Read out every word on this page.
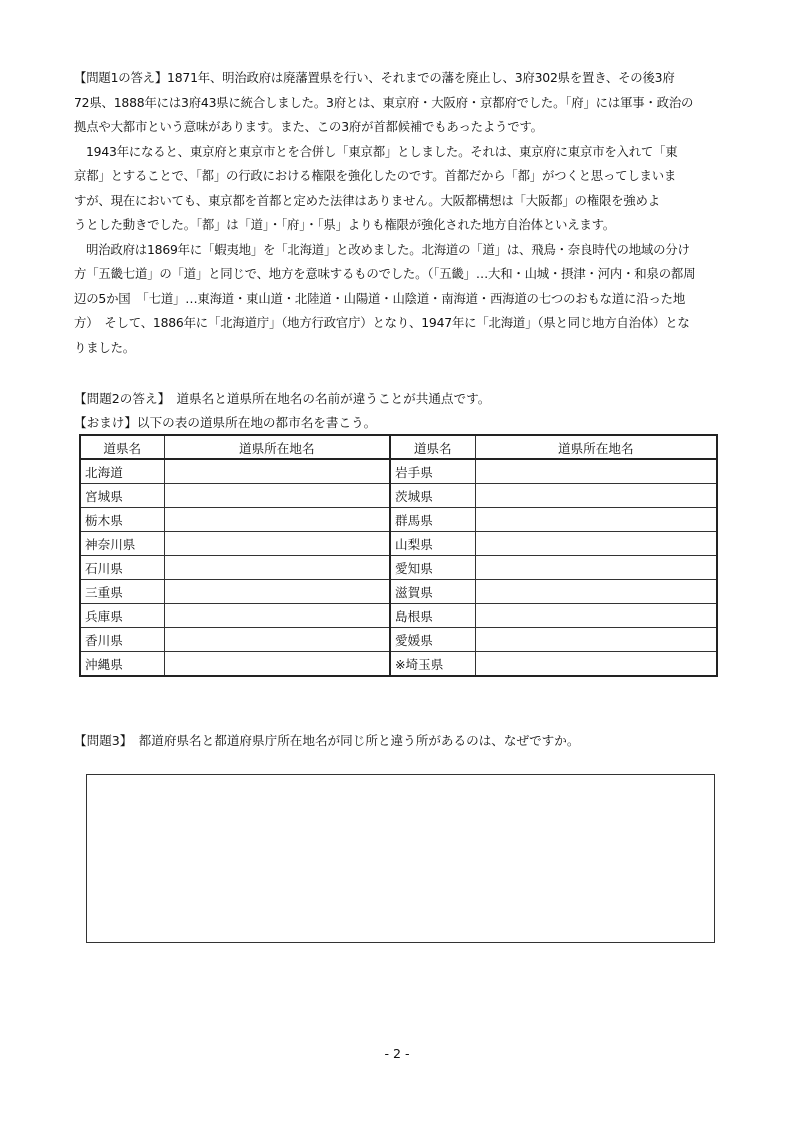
【問題1の答え】1871年、明治政府は廃藩置県を行い、それまでの藩を廃止し、3府302県を置き、その後3府
72県、1888年には3府43県に統合しました。3府とは、東京府・大阪府・京都府でした。「府」には軍事・政治の
拠点や大都市という意味があります。また、この3府が首都候補でもあったようです。
1943年になると、東京府と東京市とを合併し「東京都」としました。それは、東京府に東京市を入れて「東
京都」とすることで、「都」の行政における権限を強化したのです。首都だから「都」がつくと思ってしまいま
すが、現在においても、東京都を首都と定めた法律はありません。大阪都構想は「大阪都」の権限を強めよ
うとした動きでした。「都」は「道」・「府」・「県」よりも権限が強化された地方自治体といえます。
明治政府は1869年に「蝦夷地」を「北海道」と改めました。北海道の「道」は、飛鳥・奈良時代の地域の分け
方「五畿七道」の「道」と同じで、地方を意味するものでした。（「五畿」…大和・山城・摂津・河内・和泉の都周
辺の5か国　「七道」…東海道・東山道・北陸道・山陽道・山陰道・南海道・西海道の七つのおもな道に沿った地
方）　そして、1886年に「北海道庁」（地方行政官庁）となり、1947年に「北海道」（県と同じ地方自治体）とな
りました。
【問題2の答え】　道県名と道県所在地名の名前が違うことが共通点です。
【おまけ】以下の表の道県所在地の都市名を書こう。
道県名	道県所在地名	道県名	道県所在地名
北海道		岩手県	
宮城県		茨城県	
栃木県		群馬県	
神奈川県		山梨県	
石川県		愛知県	
三重県		滋賀県	
兵庫県		島根県	
香川県		愛媛県	
沖縄県		※埼玉県	
【問題3】　都道府県名と都道府県庁所在地名が同じ所と違う所があるのは、なぜですか。
- 2 -
